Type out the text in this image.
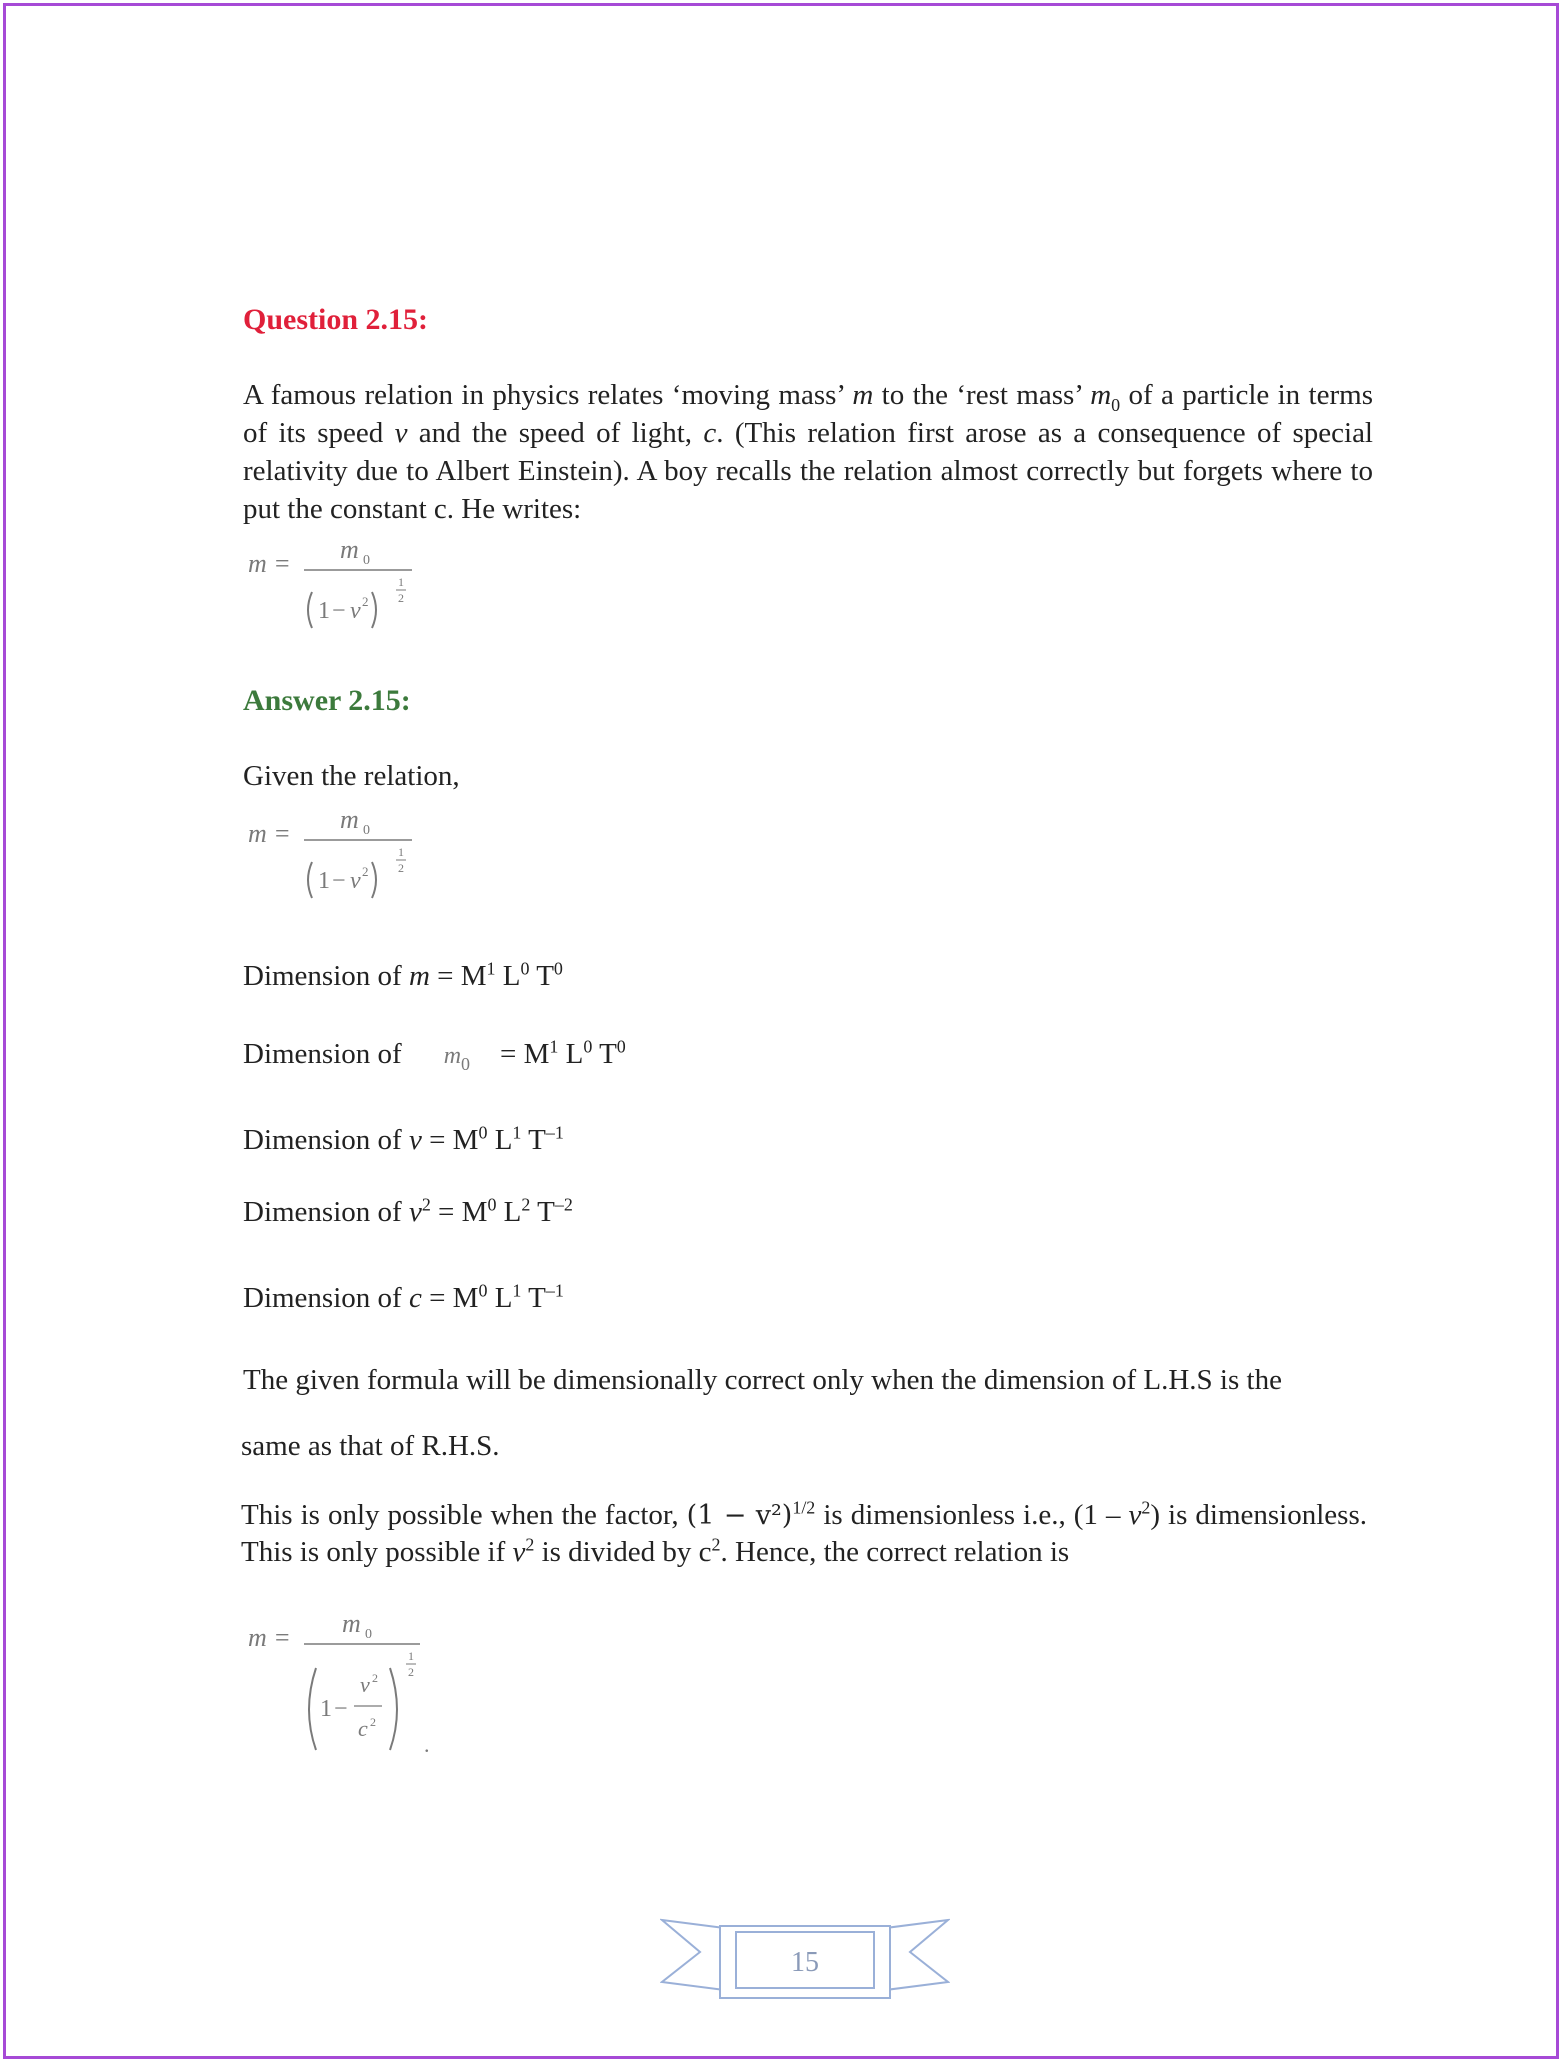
Question 2.15:
A famous relation in physics relates ‘moving mass’ m to the ‘rest mass’ $m_0$ of a particle in terms of its speed v and the speed of light, c. (This relation first arose as a consequence of special relativity due to Albert Einstein). A boy recalls the relation almost correctly but forgets where to put the constant c. He writes:
m = m 0
1 − v 2
1
2
Answer 2.15:
Given the relation,
m = m 0
1 − v 2
1
2
Dimension of $m = M^1$ $L^0$ $T^0$
Dimension of $m_0 = M^1$ $L^0$ $T^0$
Dimension of $v = M^0$ $L^1$ $T^{-1}$
Dimension of $v^2 = M^0$ $L^2$ $T^{-2}$
Dimension of $c = M^0$ $L^1$ $T^{-1}$
The given formula will be dimensionally correct only when the dimension of L.H.S is the
same as that of R.H.S.
This is only possible when the factor, $(1 - v^2)^{1/2}$ is dimensionless i.e., $(1 - v^2)$ is dimensionless. This is only possible if $v^2$ is divided by $c^2$. Hence, the correct relation is
m = m 0
1 −
v 2
c 2
1
2
.
15
